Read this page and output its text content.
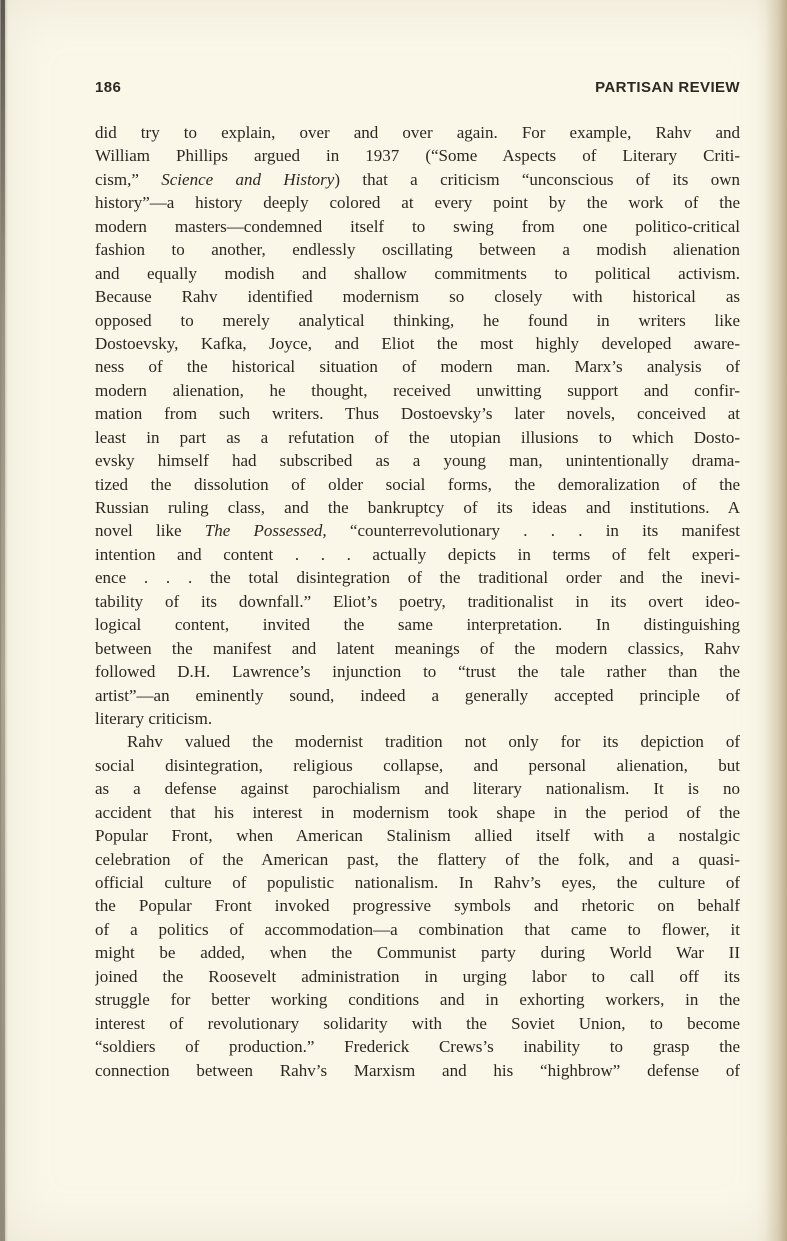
186	PARTISAN REVIEW
did try to explain, over and over again. For example, Rahv and
William Phillips argued in 1937 (“Some Aspects of Literary Criti-
cism,” Science and History) that a criticism “unconscious of its own
history”—a history deeply colored at every point by the work of the
modern masters—condemned itself to swing from one politico-critical
fashion to another, endlessly oscillating between a modish alienation
and equally modish and shallow commitments to political activism.
Because Rahv identified modernism so closely with historical as
opposed to merely analytical thinking, he found in writers like
Dostoevsky, Kafka, Joyce, and Eliot the most highly developed aware-
ness of the historical situation of modern man. Marx’s analysis of
modern alienation, he thought, received unwitting support and confir-
mation from such writers. Thus Dostoevsky’s later novels, conceived at
least in part as a refutation of the utopian illusions to which Dosto-
evsky himself had subscribed as a young man, unintentionally drama-
tized the dissolution of older social forms, the demoralization of the
Russian ruling class, and the bankruptcy of its ideas and institutions. A
novel like The Possessed, “counterrevolutionary . . . in its manifest
intention and content . . . actually depicts in terms of felt experi-
ence . . . the total disintegration of the traditional order and the inevi-
tability of its downfall.” Eliot’s poetry, traditionalist in its overt ideo-
logical content, invited the same interpretation. In distinguishing
between the manifest and latent meanings of the modern classics, Rahv
followed D.H. Lawrence’s injunction to “trust the tale rather than the
artist”—an eminently sound, indeed a generally accepted principle of
literary criticism.
Rahv valued the modernist tradition not only for its depiction of
social disintegration, religious collapse, and personal alienation, but
as a defense against parochialism and literary nationalism. It is no
accident that his interest in modernism took shape in the period of the
Popular Front, when American Stalinism allied itself with a nostalgic
celebration of the American past, the flattery of the folk, and a quasi-
official culture of populistic nationalism. In Rahv’s eyes, the culture of
the Popular Front invoked progressive symbols and rhetoric on behalf
of a politics of accommodation—a combination that came to flower, it
might be added, when the Communist party during World War II
joined the Roosevelt administration in urging labor to call off its
struggle for better working conditions and in exhorting workers, in the
interest of revolutionary solidarity with the Soviet Union, to become
“soldiers of production.” Frederick Crews’s inability to grasp the
connection between Rahv’s Marxism and his “highbrow” defense of
